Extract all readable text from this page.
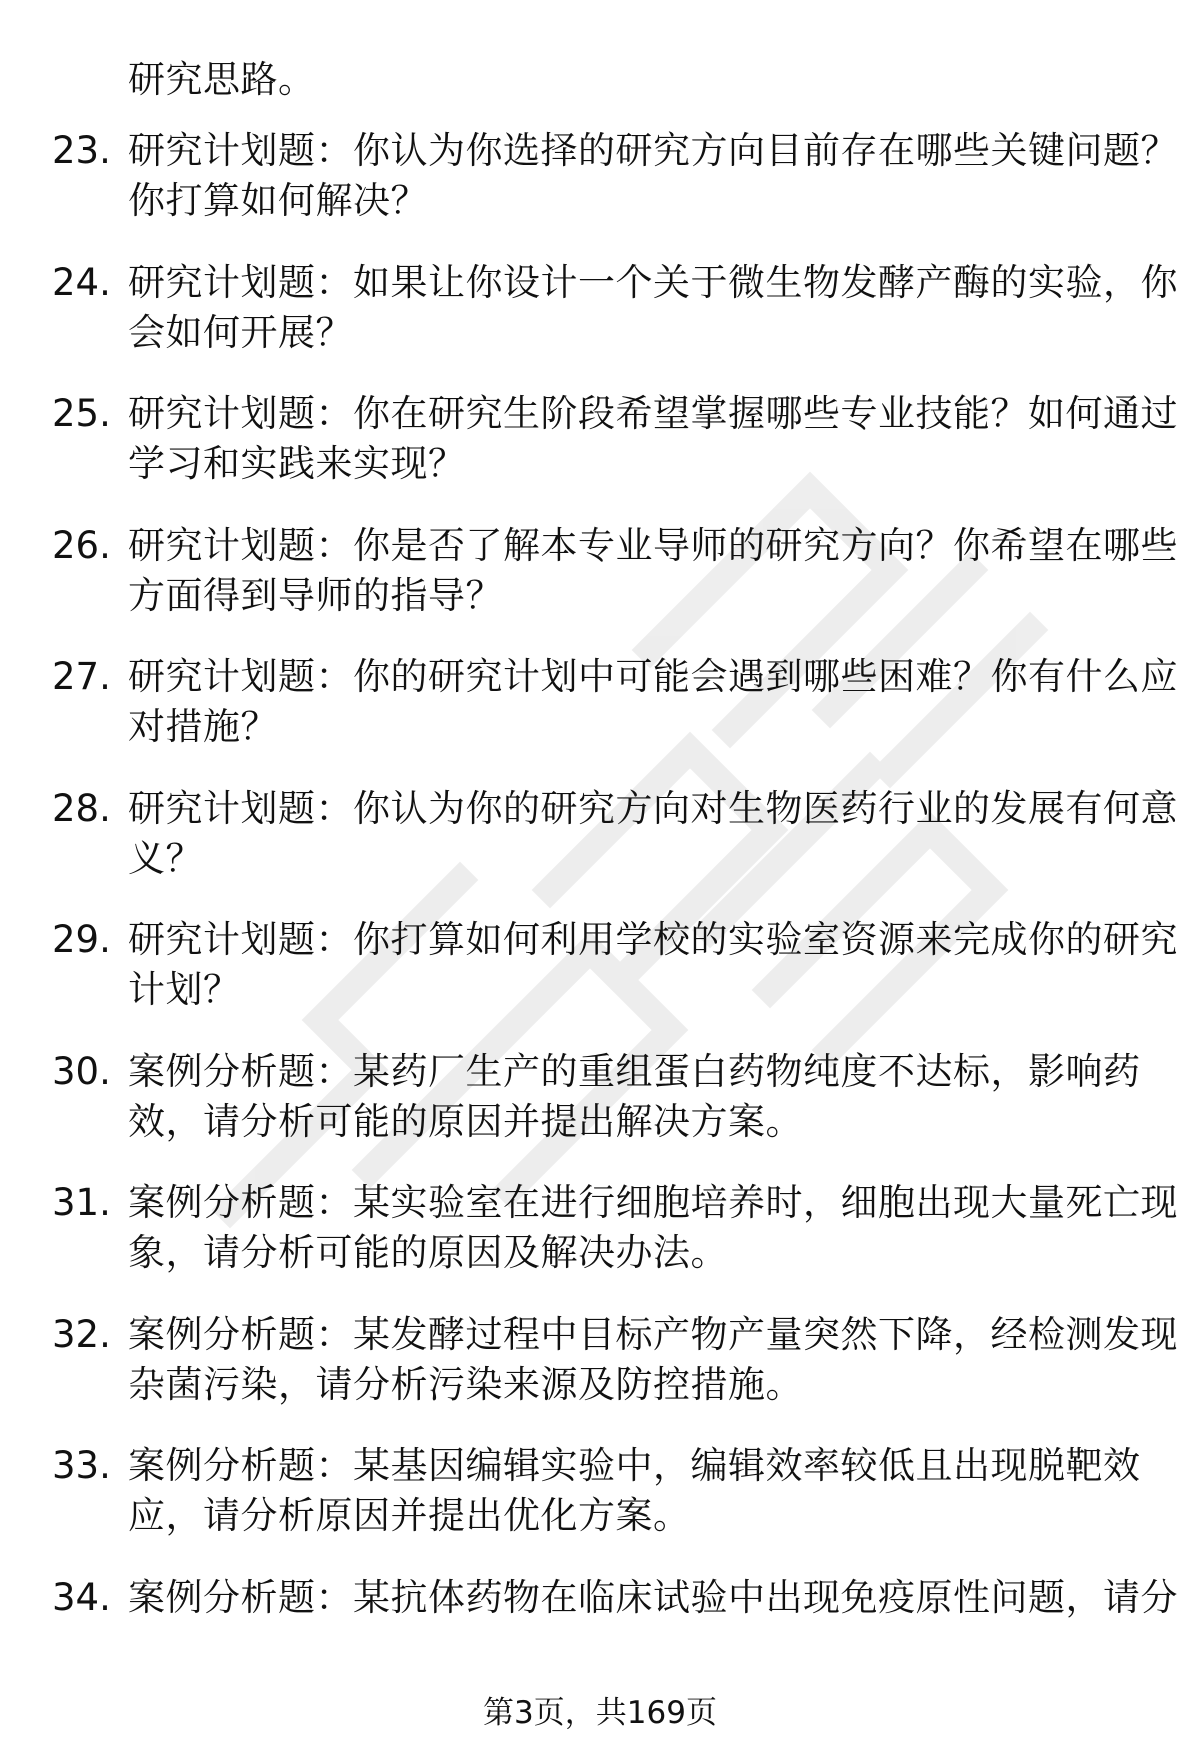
研究思路。
23. 研究计划题：你认为你选择的研究方向目前存在哪些关键问题？
你打算如何解决？
24. 研究计划题：如果让你设计一个关于微生物发酵产酶的实验，你
会如何开展？
25. 研究计划题：你在研究生阶段希望掌握哪些专业技能？如何通过
学习和实践来实现？
26. 研究计划题：你是否了解本专业导师的研究方向？你希望在哪些
方面得到导师的指导？
27. 研究计划题：你的研究计划中可能会遇到哪些困难？你有什么应
对措施？
28. 研究计划题：你认为你的研究方向对生物医药行业的发展有何意
义？
29. 研究计划题：你打算如何利用学校的实验室资源来完成你的研究
计划？
30. 案例分析题：某药厂生产的重组蛋白药物纯度不达标，影响药
效，请分析可能的原因并提出解决方案。
31. 案例分析题：某实验室在进行细胞培养时，细胞出现大量死亡现
象，请分析可能的原因及解决办法。
32. 案例分析题：某发酵过程中目标产物产量突然下降，经检测发现
杂菌污染，请分析污染来源及防控措施。
33. 案例分析题：某基因编辑实验中，编辑效率较低且出现脱靶效
应，请分析原因并提出优化方案。
34. 案例分析题：某抗体药物在临床试验中出现免疫原性问题，请分
第3页，共169页
